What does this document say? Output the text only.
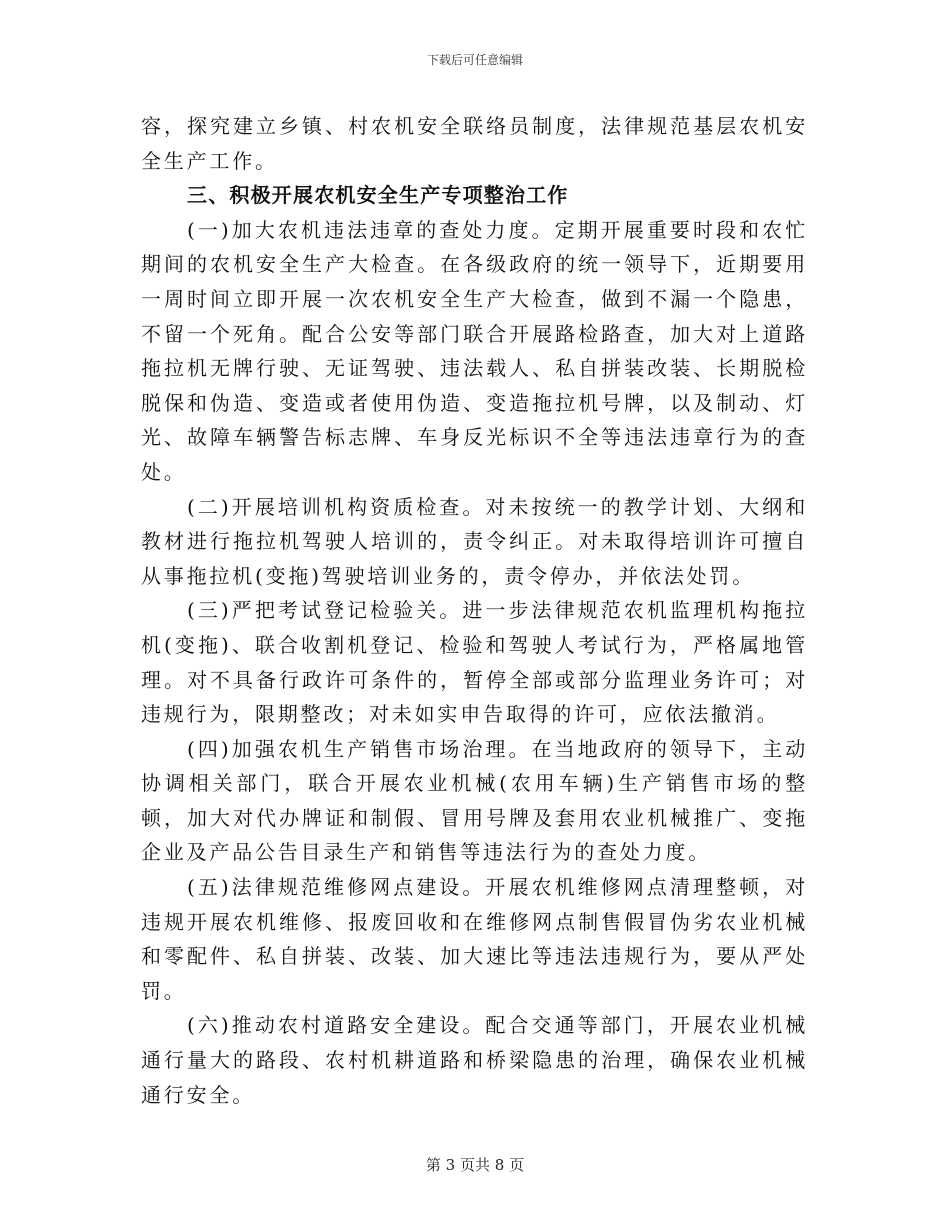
下载后可任意编辑

容，探究建立乡镇、村农机安全联络员制度，法律规范基层农机安全生产工作。

三、积极开展农机安全生产专项整治工作

(一)加大农机违法违章的查处力度。定期开展重要时段和农忙期间的农机安全生产大检查。在各级政府的统一领导下，近期要用一周时间立即开展一次农机安全生产大检查，做到不漏一个隐患，不留一个死角。配合公安等部门联合开展路检路查，加大对上道路拖拉机无牌行驶、无证驾驶、违法载人、私自拼装改装、长期脱检脱保和伪造、变造或者使用伪造、变造拖拉机号牌，以及制动、灯光、故障车辆警告标志牌、车身反光标识不全等违法违章行为的查处。

(二)开展培训机构资质检查。对未按统一的教学计划、大纲和教材进行拖拉机驾驶人培训的，责令纠正。对未取得培训许可擅自从事拖拉机(变拖)驾驶培训业务的，责令停办，并依法处罚。

(三)严把考试登记检验关。进一步法律规范农机监理机构拖拉机(变拖)、联合收割机登记、检验和驾驶人考试行为，严格属地管理。对不具备行政许可条件的，暂停全部或部分监理业务许可；对违规行为，限期整改；对未如实申告取得的许可，应依法撤消。

(四)加强农机生产销售市场治理。在当地政府的领导下，主动协调相关部门，联合开展农业机械(农用车辆)生产销售市场的整顿，加大对代办牌证和制假、冒用号牌及套用农业机械推广、变拖企业及产品公告目录生产和销售等违法行为的查处力度。

(五)法律规范维修网点建设。开展农机维修网点清理整顿，对违规开展农机维修、报废回收和在维修网点制售假冒伪劣农业机械和零配件、私自拼装、改装、加大速比等违法违规行为，要从严处罚。

(六)推动农村道路安全建设。配合交通等部门，开展农业机械通行量大的路段、农村机耕道路和桥梁隐患的治理，确保农业机械通行安全。

第 3 页共 8 页
